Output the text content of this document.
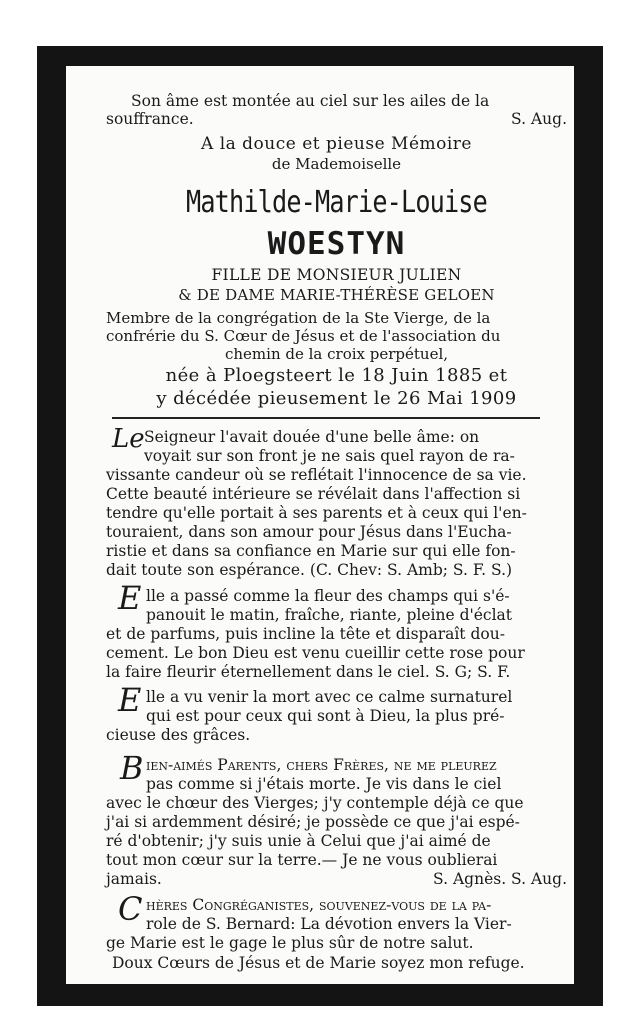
Son âme est montée au ciel sur les ailes de la
souffrance.	S. Aug.
A la douce et pieuse Mémoire
de Mademoiselle
Mathilde-Marie-Louise
WOESTYN
FILLE DE MONSIEUR JULIEN
& DE DAME MARIE-THÉRÈSE GELOEN
Membre de la congrégation de la Ste Vierge, de la
confrérie du S. Cœur de Jésus et de l'association du
chemin de la croix perpétuel,
née à Ploegsteert le 18 Juin 1885 et
y décédée pieusement le 26 Mai 1909
Le Seigneur l'avait douée d'une belle âme: on
voyait sur son front je ne sais quel rayon de ra-
vissante candeur où se reflétait l'innocence de sa vie.
Cette beauté intérieure se révélait dans l'affection si
tendre qu'elle portait à ses parents et à ceux qui l'en-
touraient, dans son amour pour Jésus dans l'Eucha-
ristie et dans sa confiance en Marie sur qui elle fon-
dait toute son espérance. (C. Chev: S. Amb; S. F. S.)
E lle a passé comme la fleur des champs qui s'é-
panouit le matin, fraîche, riante, pleine d'éclat
et de parfums, puis incline la tête et disparaît dou-
cement. Le bon Dieu est venu cueillir cette rose pour
la faire fleurir éternellement dans le ciel. S. G; S. F.
E lle a vu venir la mort avec ce calme surnaturel
qui est pour ceux qui sont à Dieu, la plus pré-
cieuse des grâces.
B ien-aimés Parents, chers Frères, ne me pleurez
pas comme si j'étais morte. Je vis dans le ciel
avec le chœur des Vierges; j'y contemple déjà ce que
j'ai si ardemment désiré; je possède ce que j'ai espé-
ré d'obtenir; j'y suis unie à Celui que j'ai aimé de
tout mon cœur sur la terre.— Je ne vous oublierai
jamais.	S. Agnès. S. Aug.
C hères Congréganistes, souvenez-vous de la pa-
role de S. Bernard: La dévotion envers la Vier-
ge Marie est le gage le plus sûr de notre salut.
Doux Cœurs de Jésus et de Marie soyez mon refuge.
